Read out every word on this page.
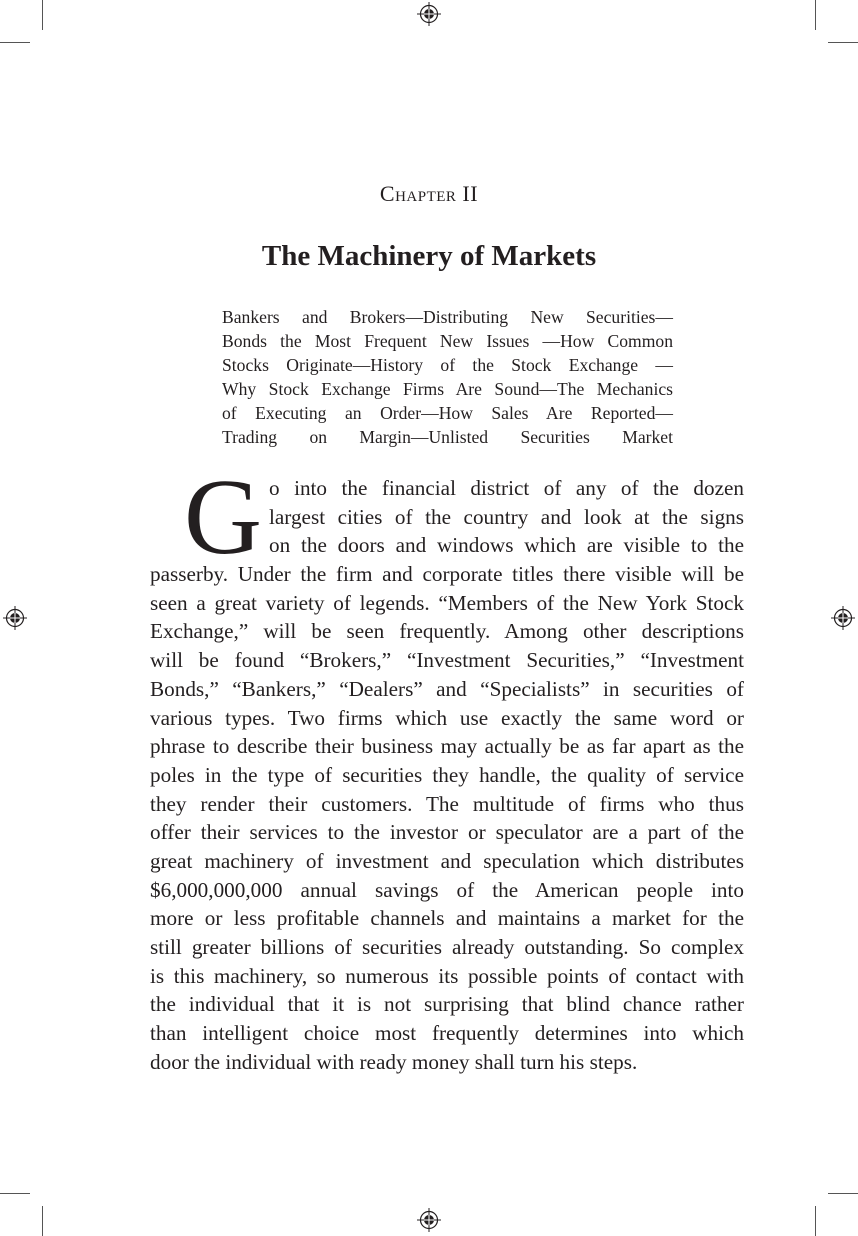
Chapter II
The Machinery of Markets
Bankers and Brokers—Distributing New Securities—
Bonds the Most Frequent New Issues —How Common
Stocks Originate—History of the Stock Exchange —
Why Stock Exchange Firms Are Sound—The Mechanics
of Executing an Order—How Sales Are Reported—
Trading on Margin—Unlisted Securities Market
G o into the financial district of any of the dozen
largest cities of the country and look at the signs
on the doors and windows which are visible to the
passerby. Under the firm and corporate titles there visible will be
seen a great variety of legends. “Members of the New York Stock
Exchange,” will be seen frequently. Among other descriptions
will be found “Brokers,” “Investment Securities,” “Investment
Bonds,” “Bankers,” “Dealers” and “Specialists” in securities of
various types. Two firms which use exactly the same word or
phrase to describe their business may actually be as far apart as the
poles in the type of securities they handle, the quality of service
they render their customers. The multitude of firms who thus
offer their services to the investor or speculator are a part of the
great machinery of investment and speculation which distributes
$6,000,000,000 annual savings of the American people into
more or less profitable channels and maintains a market for the
still greater billions of securities already outstanding. So complex
is this machinery, so numerous its possible points of contact with
the individual that it is not surprising that blind chance rather
than intelligent choice most frequently determines into which
door the individual with ready money shall turn his steps.
